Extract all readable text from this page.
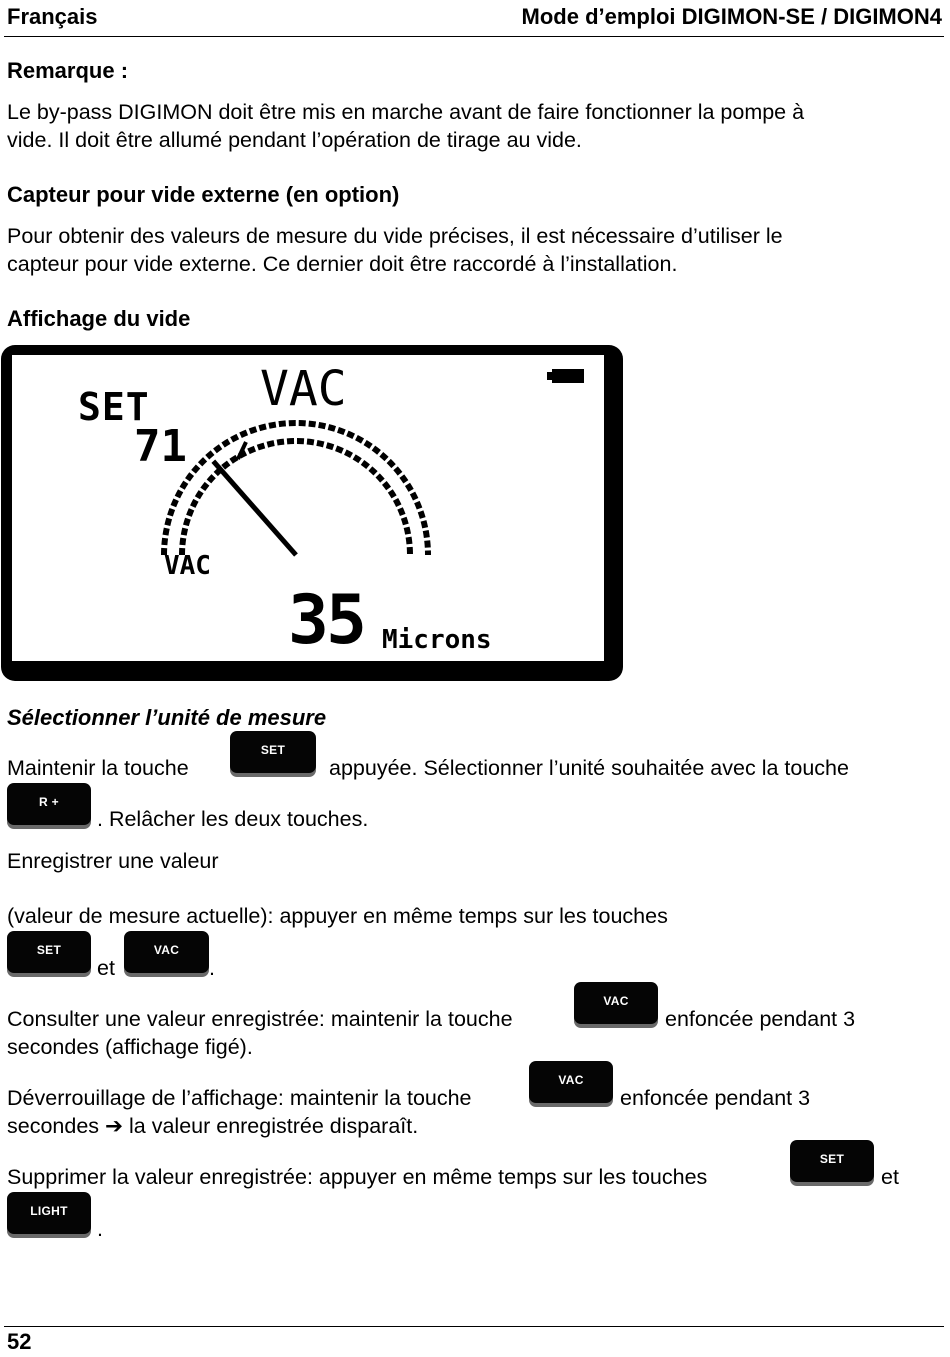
Français	Mode d’emploi DIGIMON-SE / DIGIMON4
Remarque :
Le by-pass DIGIMON doit être mis en marche avant de faire fonctionner la pompe à
vide. Il doit être allumé pendant l’opération de tirage au vide.
Capteur pour vide externe (en option)
Pour obtenir des valeurs de mesure du vide précises, il est nécessaire d’utiliser le
capteur pour vide externe. Ce dernier doit être raccordé à l’installation.
Affichage du vide
SET
71
VAC
VAC
35 Microns
Sélectionner l’unité de mesure
Maintenir la touche
SET
appuyée. Sélectionner l’unité souhaitée avec la touche
R +
. Relâcher les deux touches.
Enregistrer une valeur
(valeur de mesure actuelle): appuyer en même temps sur les touches
SET
et
VAC
.
Consulter une valeur enregistrée: maintenir la touche
VAC
enfoncée pendant 3
secondes (affichage figé).
Déverrouillage de l’affichage: maintenir la touche
VAC
enfoncée pendant 3
secondes ➔ la valeur enregistrée disparaît.
Supprimer la valeur enregistrée: appuyer en même temps sur les touches
SET
et
LIGHT
.
52
